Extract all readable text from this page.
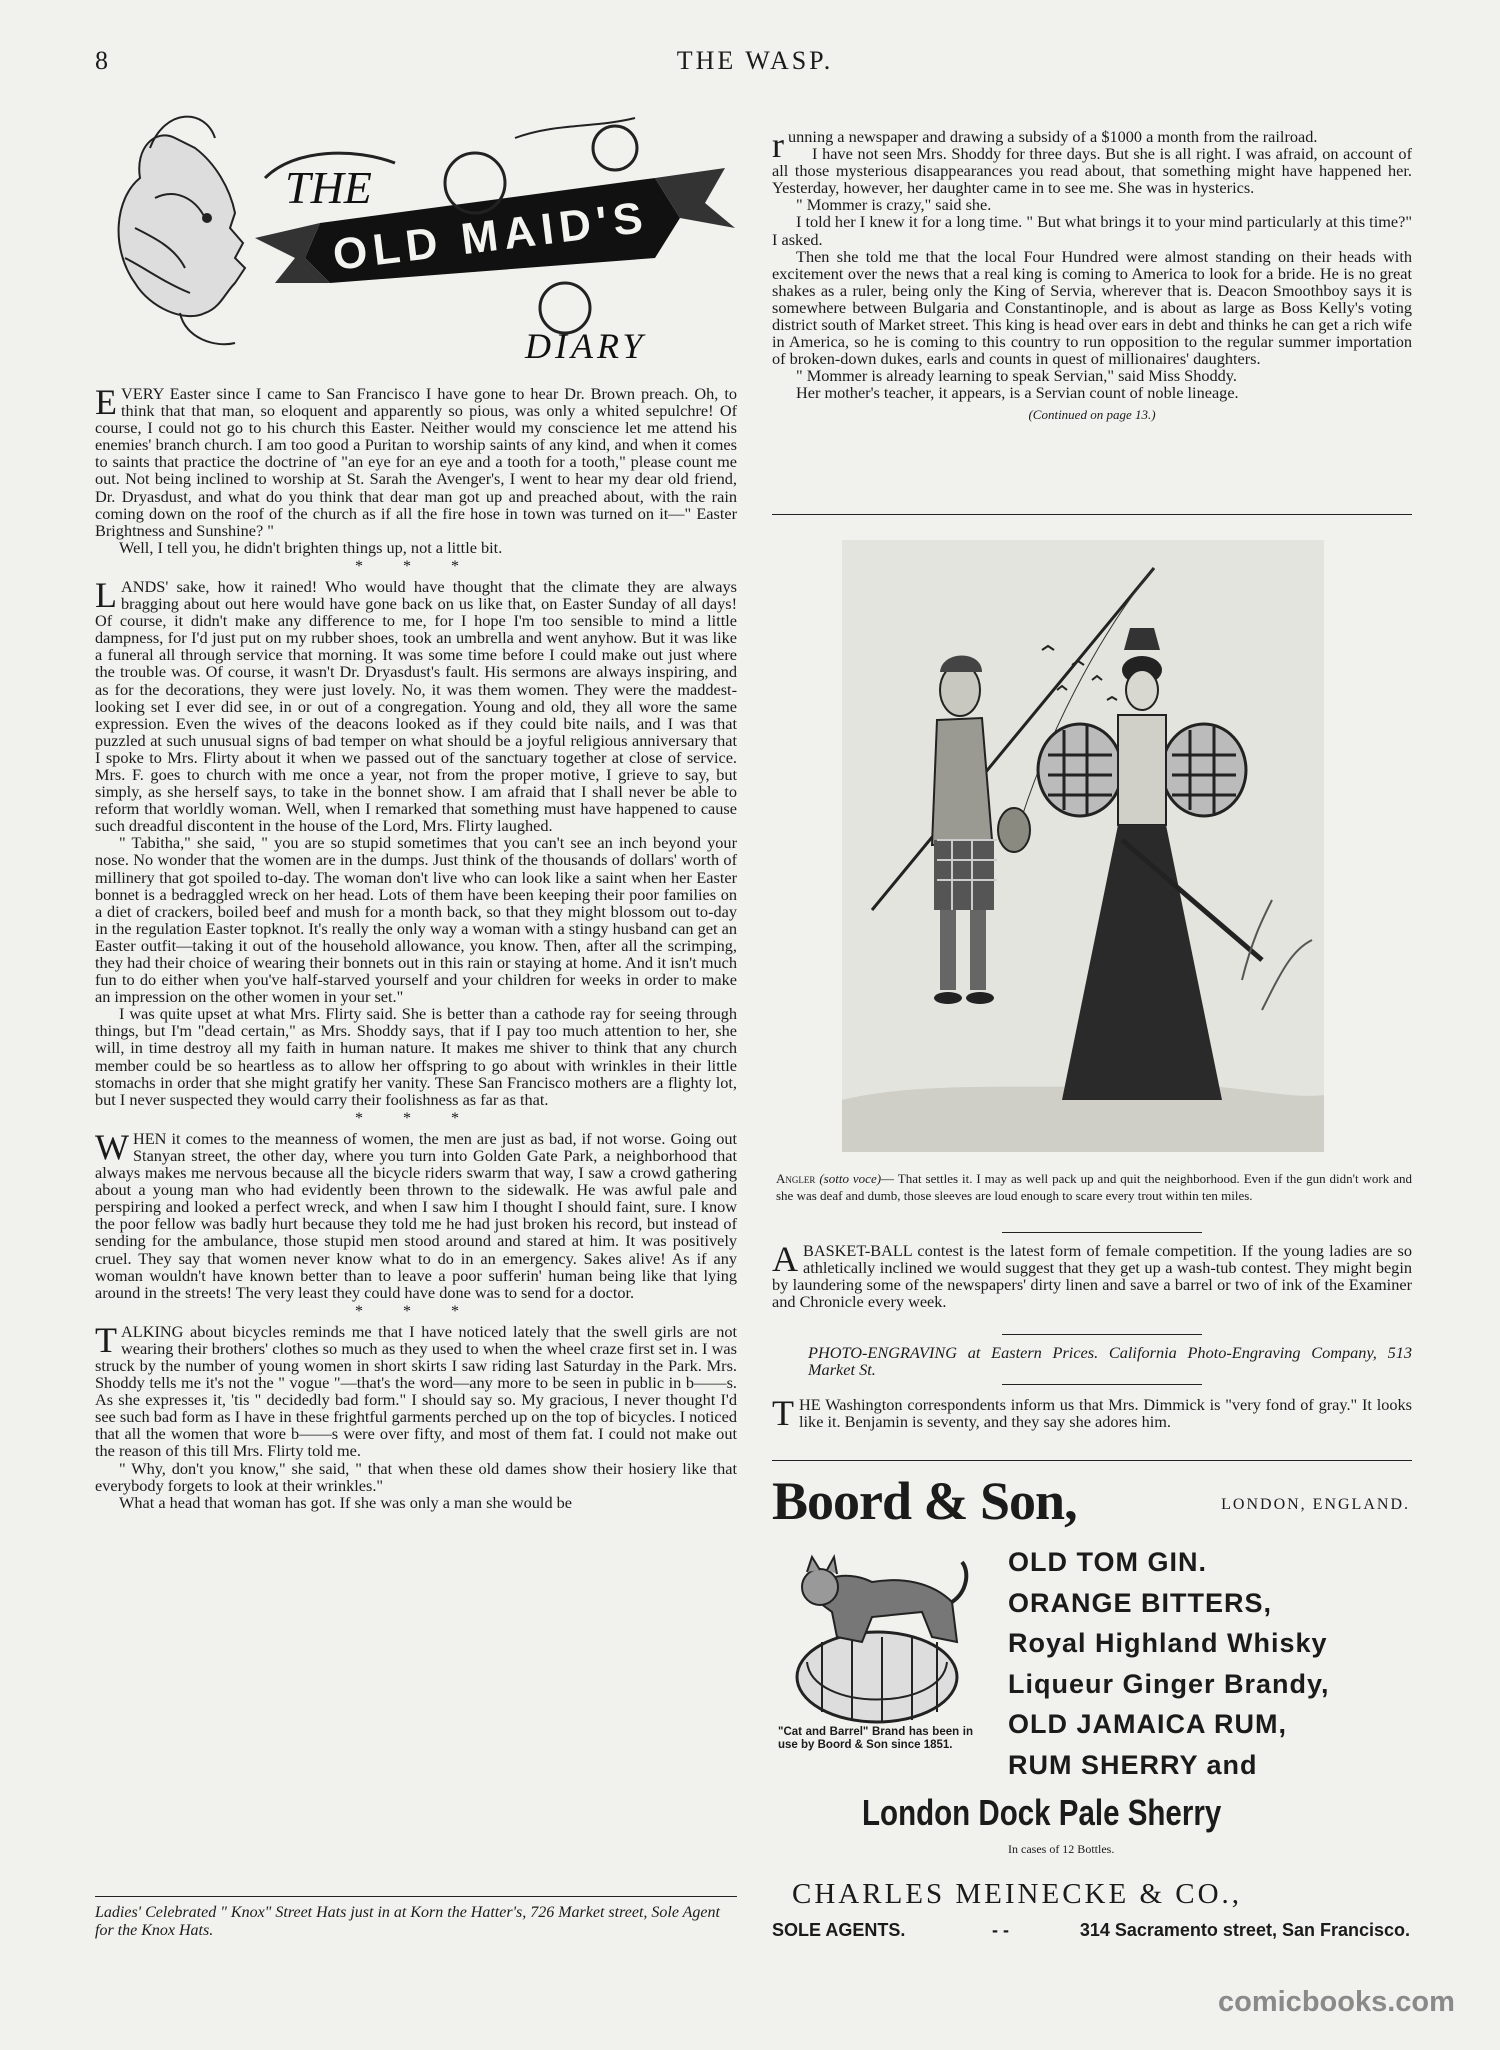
8	THE WASP.
THE
OLD MAID'S
DIARY

EVERY Easter since I came to San Francisco I have gone to hear Dr. Brown preach. Oh, to think that that man, so eloquent and apparently so pious, was only a whited sepulchre! Of course, I could not go to his church this Easter. Neither would my conscience let me attend his enemies' branch church. I am too good a Puritan to worship saints of any kind, and when it comes to saints that practice the doctrine of "an eye for an eye and a tooth for a tooth," please count me out. Not being inclined to worship at St. Sarah the Avenger's, I went to hear my dear old friend, Dr. Dryasdust, and what do you think that dear man got up and preached about, with the rain coming down on the roof of the church as if all the fire hose in town was turned on it—" Easter Brightness and Sunshine? "

Well, I tell you, he didn't brighten things up, not a little bit.

* * *

LANDS' sake, how it rained! Who would have thought that the climate they are always bragging about out here would have gone back on us like that, on Easter Sunday of all days! Of course, it didn't make any difference to me, for I hope I'm too sensible to mind a little dampness, for I'd just put on my rubber shoes, took an umbrella and went anyhow. But it was like a funeral all through service that morning. It was some time before I could make out just where the trouble was. Of course, it wasn't Dr. Dryasdust's fault. His sermons are always inspiring, and as for the decorations, they were just lovely. No, it was them women. They were the maddest-looking set I ever did see, in or out of a congregation. Young and old, they all wore the same expression. Even the wives of the deacons looked as if they could bite nails, and I was that puzzled at such unusual signs of bad temper on what should be a joyful religious anniversary that I spoke to Mrs. Flirty about it when we passed out of the sanctuary together at close of service. Mrs. F. goes to church with me once a year, not from the proper motive, I grieve to say, but simply, as she herself says, to take in the bonnet show. I am afraid that I shall never be able to reform that worldly woman. Well, when I remarked that something must have happened to cause such dreadful discontent in the house of the Lord, Mrs. Flirty laughed.

" Tabitha," she said, " you are so stupid sometimes that you can't see an inch beyond your nose. No wonder that the women are in the dumps. Just think of the thousands of dollars' worth of millinery that got spoiled to-day. The woman don't live who can look like a saint when her Easter bonnet is a bedraggled wreck on her head. Lots of them have been keeping their poor families on a diet of crackers, boiled beef and mush for a month back, so that they might blossom out to-day in the regulation Easter topknot. It's really the only way a woman with a stingy husband can get an Easter outfit—taking it out of the household allowance, you know. Then, after all the scrimping, they had their choice of wearing their bonnets out in this rain or staying at home. And it isn't much fun to do either when you've half-starved yourself and your children for weeks in order to make an impression on the other women in your set."

I was quite upset at what Mrs. Flirty said. She is better than a cathode ray for seeing through things, but I'm "dead certain," as Mrs. Shoddy says, that if I pay too much attention to her, she will, in time destroy all my faith in human nature. It makes me shiver to think that any church member could be so heartless as to allow her offspring to go about with wrinkles in their little stomachs in order that she might gratify her vanity. These San Francisco mothers are a flighty lot, but I never suspected they would carry their foolishness as far as that.

* * *

WHEN it comes to the meanness of women, the men are just as bad, if not worse. Going out Stanyan street, the other day, where you turn into Golden Gate Park, a neighborhood that always makes me nervous because all the bicycle riders swarm that way, I saw a crowd gathering about a young man who had evidently been thrown to the sidewalk. He was awful pale and perspiring and looked a perfect wreck, and when I saw him I thought I should faint, sure. I know the poor fellow was badly hurt because they told me he had just broken his record, but instead of sending for the ambulance, those stupid men stood around and stared at him. It was positively cruel. They say that women never know what to do in an emergency. Sakes alive! As if any woman wouldn't have known better than to leave a poor sufferin' human being like that lying around in the streets! The very least they could have done was to send for a doctor.

* * *

TALKING about bicycles reminds me that I have noticed lately that the swell girls are not wearing their brothers' clothes so much as they used to when the wheel craze first set in. I was struck by the number of young women in short skirts I saw riding last Saturday in the Park. Mrs. Shoddy tells me it's not the " vogue "—that's the word—any more to be seen in public in b——s. As she expresses it, 'tis " decidedly bad form." I should say so. My gracious, I never thought I'd see such bad form as I have in these frightful garments perched up on the top of bicycles. I noticed that all the women that wore b——s were over fifty, and most of them fat. I could not make out the reason of this till Mrs. Flirty told me.

" Why, don't you know," she said, " that when these old dames show their hosiery like that everybody forgets to look at their wrinkles."

What a head that woman has got. If she was only a man she would be

Ladies' Celebrated " Knox" Street Hats just in at Korn the Hatter's, 726 Market street, Sole Agent for the Knox Hats.

running a newspaper and drawing a subsidy of a $1000 a month from the railroad.

I have not seen Mrs. Shoddy for three days. But she is all right. I was afraid, on account of all those mysterious disappearances you read about, that something might have happened her. Yesterday, however, her daughter came in to see me. She was in hysterics.

" Mommer is crazy," said she.

I told her I knew it for a long time. " But what brings it to your mind particularly at this time?" I asked.

Then she told me that the local Four Hundred were almost standing on their heads with excitement over the news that a real king is coming to America to look for a bride. He is no great shakes as a ruler, being only the King of Servia, wherever that is. Deacon Smoothboy says it is somewhere between Bulgaria and Constantinople, and is about as large as Boss Kelly's voting district south of Market street. This king is head over ears in debt and thinks he can get a rich wife in America, so he is coming to this country to run opposition to the regular summer importation of broken-down dukes, earls and counts in quest of millionaires' daughters.

" Mommer is already learning to speak Servian," said Miss Shoddy.

Her mother's teacher, it appears, is a Servian count of noble lineage.

(Continued on page 13.)
Angler (sotto voce)— That settles it. I may as well pack up and quit the neighborhood. Even if the gun didn't work and she was deaf and dumb, those sleeves are loud enough to scare every trout within ten miles.
ABASKET-BALL contest is the latest form of female competition. If the young ladies are so athletically inclined we would suggest that they get up a wash-tub contest. They might begin by laundering some of the newspapers' dirty linen and save a barrel or two of ink of the Examiner and Chronicle every week.
PHOTO-ENGRAVING at Eastern Prices. California Photo-Engraving Company, 513 Market St.
THE Washington correspondents inform us that Mrs. Dimmick is "very fond of gray." It looks like it. Benjamin is seventy, and they say she adores him.
Boord & Son,	LONDON, ENGLAND.
"Cat and Barrel" Brand has been in use by Boord & Son since 1851.
OLD TOM GIN.
ORANGE BITTERS,
Royal Highland Whisky
Liqueur Ginger Brandy,
OLD JAMAICA RUM,
RUM SHERRY and
London Dock Pale Sherry
In cases of 12 Bottles.
CHARLES MEINECKE & CO.,
SOLE AGENTS.	- -	314 Sacramento street, San Francisco.
comicbooks.com
